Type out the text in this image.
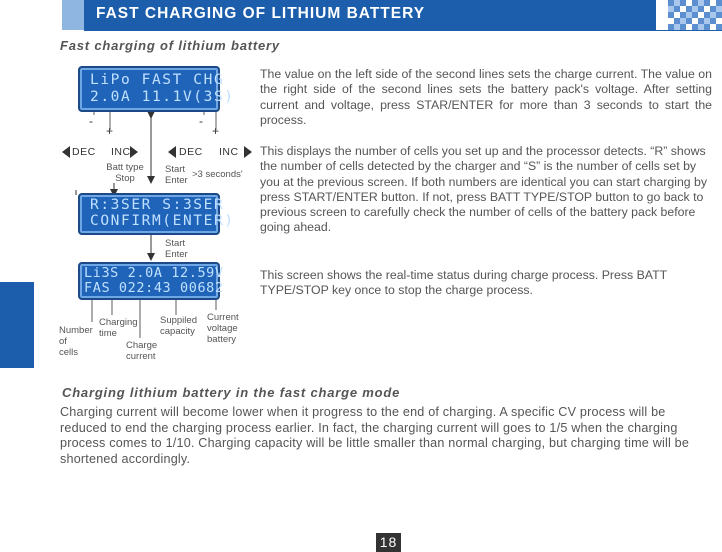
FAST CHARGING OF LITHIUM BATTERY
Fast charging of lithium battery
LiPo FAST CHG
2.0A 11.1V(3S)
-
+
-
+
DEC INC	DEC INC
Batt type
Stop
Start
Enter
>3 seconds'
R:3SER S:3SER
CONFIRM(ENTER)
Start
Enter
Li3S 2.0A 12.59V
FAS 022:43 00682
Number
of
cells
Charging
time
Charge
current
Suppiled
capacity
Current
voltage
battery

The value on the left side of the second lines sets the charge current. The value on the right side of the second lines sets the battery pack's voltage. After setting current and voltage, press STAR/ENTER for more than 3 seconds to start the process.

This displays the number of cells you set up and the processor detects. “R” shows the number of cells detected by the charger and “S” is the number of cells set by you at the previous screen. If both numbers are identical you can start charging by press START/ENTER button. If not, press BATT TYPE/STOP button to go back to previous screen to carefully check the number of cells of the battery pack before going ahead.

This screen shows the real-time status during charge process. Press BATT TYPE/STOP key once to stop the charge process.

Charging lithium battery in the fast charge mode

Charging current will become lower when it progress to the end of charging. A specific CV process will be reduced to end the charging process earlier. In fact, the charging current will goes to 1/5 when the charging process comes to 1/10. Charging capacity will be little smaller than normal charging, but charging time will be shortened accordingly.

18
